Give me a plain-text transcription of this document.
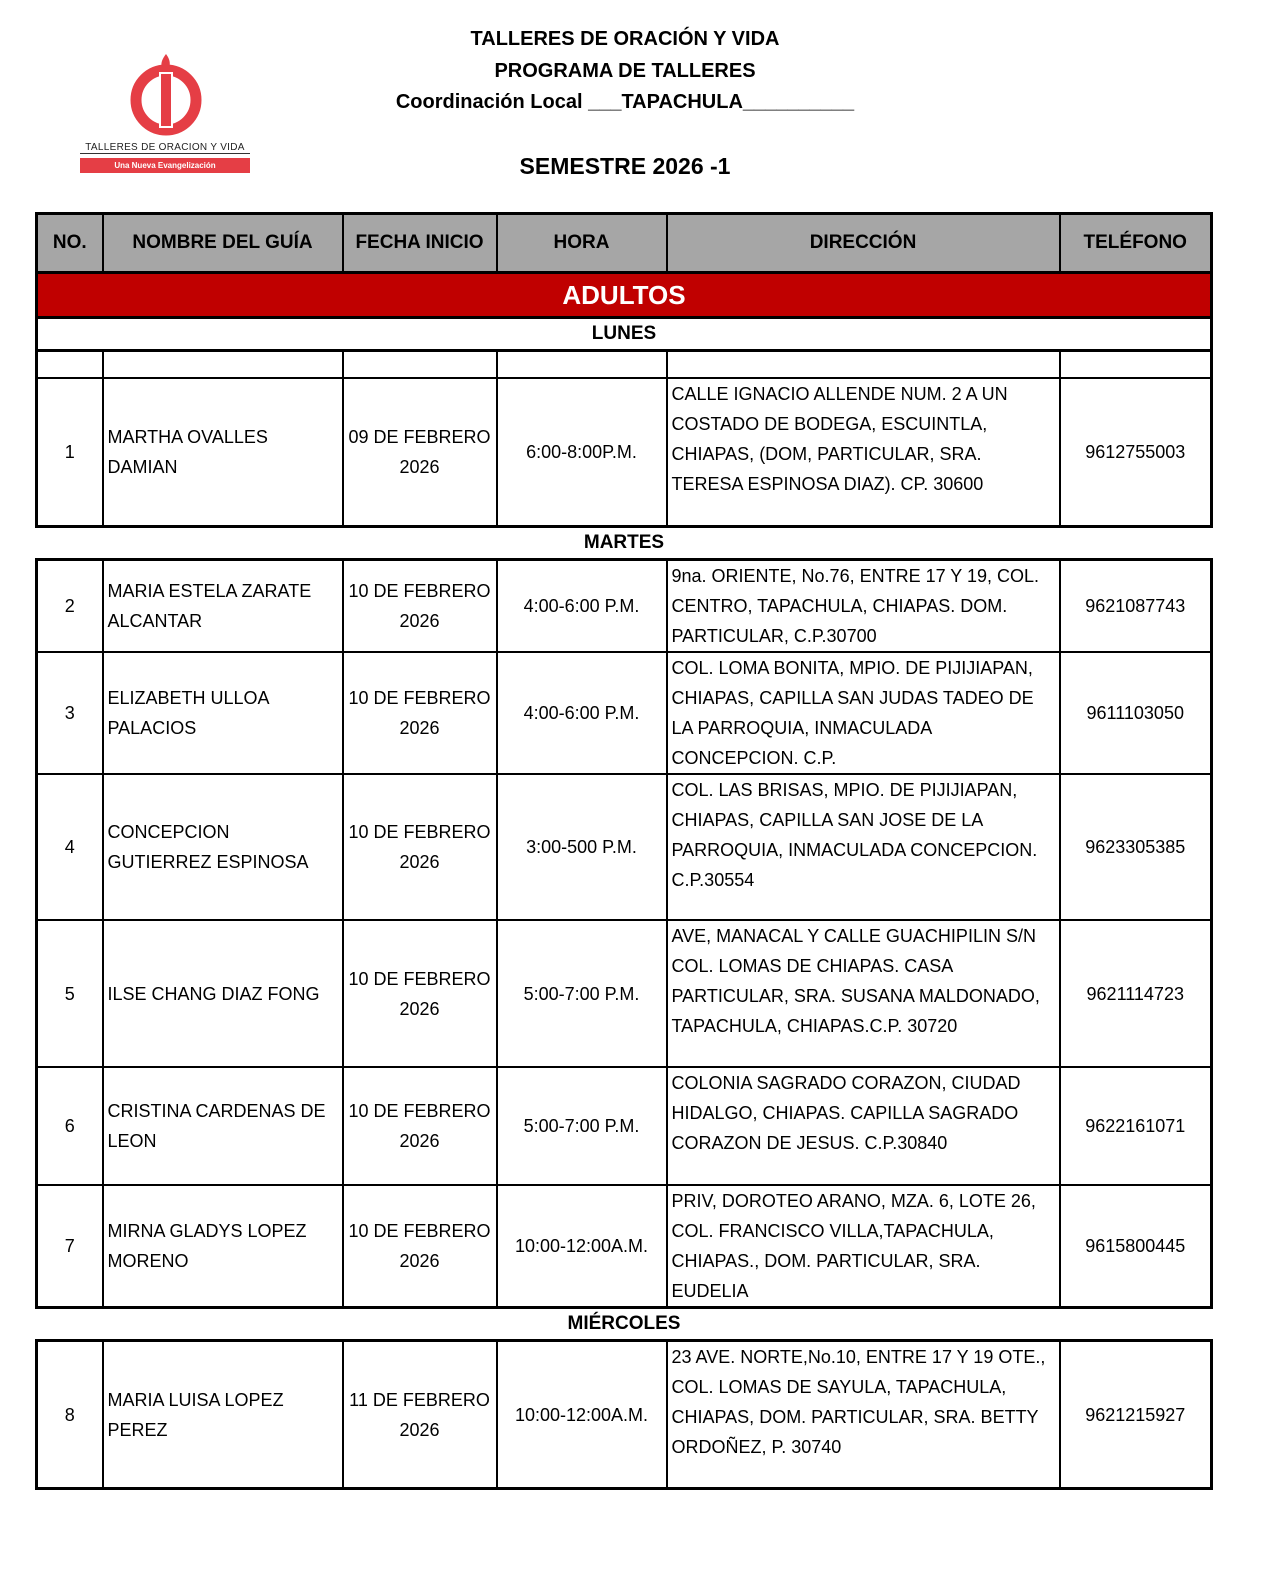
TALLERES DE ORACION Y VIDA
Una Nueva Evangelización
TALLERES DE ORACIÓN Y VIDA
PROGRAMA DE TALLERES
Coordinación Local ___TAPACHULA__________
SEMESTRE 2026 -1
NO.	NOMBRE DEL GUÍA	FECHA INICIO	HORA	DIRECCIÓN	TELÉFONO
ADULTOS
LUNES

1	MARTHA OVALLES DAMIAN	09 DE FEBRERO 2026	6:00-8:00P.M.	CALLE IGNACIO ALLENDE NUM. 2 A UN COSTADO DE BODEGA, ESCUINTLA, CHIAPAS, (DOM, PARTICULAR, SRA. TERESA ESPINOSA DIAZ). CP. 30600	9612755003
MARTES
2	MARIA ESTELA ZARATE ALCANTAR	10 DE FEBRERO 2026	4:00-6:00 P.M.	9na. ORIENTE, No.76, ENTRE 17 Y 19, COL. CENTRO, TAPACHULA, CHIAPAS. DOM. PARTICULAR, C.P.30700	9621087743
3	ELIZABETH ULLOA PALACIOS	10 DE FEBRERO 2026	4:00-6:00 P.M.	COL. LOMA BONITA, MPIO. DE PIJIJIAPAN, CHIAPAS, CAPILLA SAN JUDAS TADEO DE LA PARROQUIA, INMACULADA CONCEPCION. C.P.	9611103050
4	CONCEPCION GUTIERREZ ESPINOSA	10 DE FEBRERO 2026	3:00-500 P.M.	COL. LAS BRISAS, MPIO. DE PIJIJIAPAN, CHIAPAS, CAPILLA SAN JOSE DE LA PARROQUIA, INMACULADA CONCEPCION. C.P.30554	9623305385
5	ILSE CHANG DIAZ FONG	10 DE FEBRERO 2026	5:00-7:00 P.M.	AVE, MANACAL Y CALLE GUACHIPILIN S/N COL. LOMAS DE CHIAPAS. CASA PARTICULAR, SRA. SUSANA MALDONADO, TAPACHULA, CHIAPAS.C.P. 30720	9621114723
6	CRISTINA CARDENAS DE LEON	10 DE FEBRERO 2026	5:00-7:00 P.M.	COLONIA SAGRADO CORAZON, CIUDAD HIDALGO, CHIAPAS. CAPILLA SAGRADO CORAZON DE JESUS. C.P.30840	9622161071
7	MIRNA GLADYS LOPEZ MORENO	10 DE FEBRERO 2026	10:00-12:00A.M.	PRIV, DOROTEO ARANO, MZA. 6, LOTE 26, COL. FRANCISCO VILLA,TAPACHULA, CHIAPAS., DOM. PARTICULAR, SRA. EUDELIA	9615800445
MIÉRCOLES
8	MARIA LUISA LOPEZ PEREZ	11 DE FEBRERO 2026	10:00-12:00A.M.	23 AVE. NORTE,No.10, ENTRE 17 Y 19 OTE., COL. LOMAS DE SAYULA, TAPACHULA, CHIAPAS, DOM. PARTICULAR, SRA. BETTY ORDOÑEZ, P. 30740	9621215927
